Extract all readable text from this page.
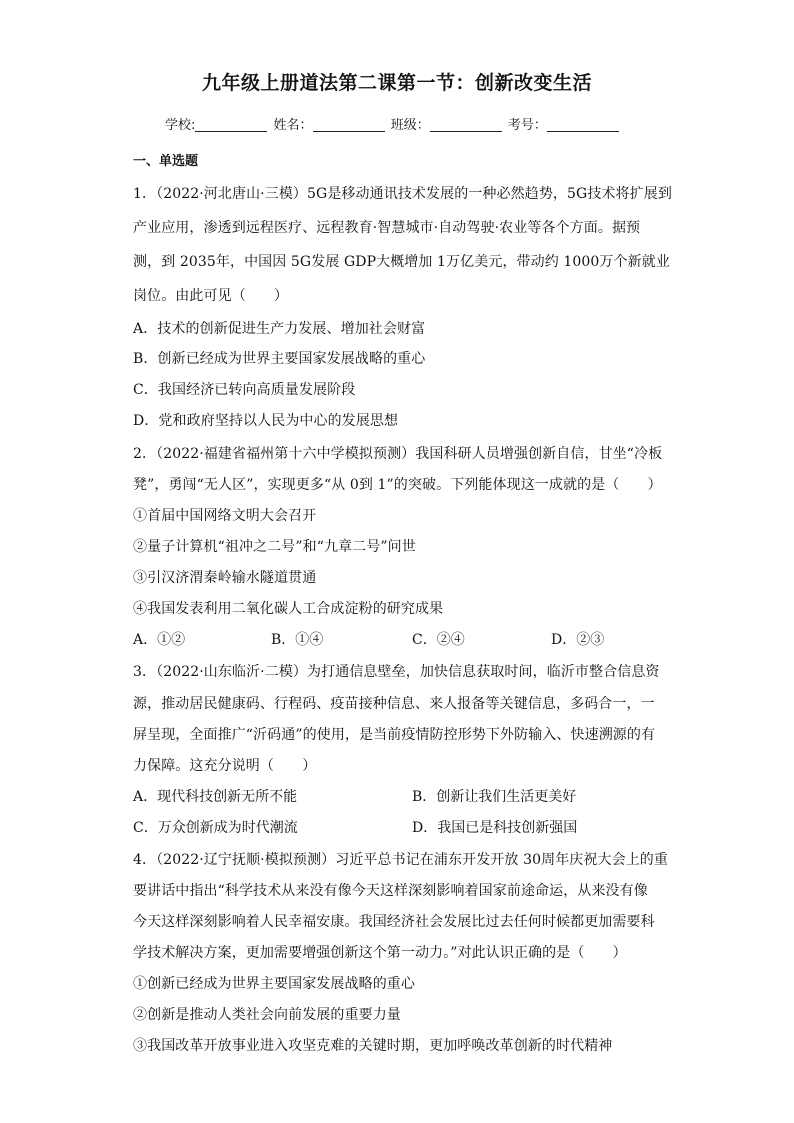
九年级上册道法第二课第一节：创新改变生活
学校:	姓名：	班级：	考号：
一、单选题
1．（2022·河北唐山·三模）5G是移动通讯技术发展的一种必然趋势，5G技术将扩展到
产业应用，渗透到远程医疗、远程教育·智慧城市·自动驾驶·农业等各个方面。据预
测，到 2035年，中国因 5G发展 GDP大概增加 1万亿美元，带动约 1000万个新就业
岗位。由此可见（　　）
A．技术的创新促进生产力发展、增加社会财富
B．创新已经成为世界主要国家发展战略的重心
C．我国经济已转向高质量发展阶段
D．党和政府坚持以人民为中心的发展思想
2．（2022·福建省福州第十六中学模拟预测）我国科研人员增强创新自信，甘坐“冷板
凳”，勇闯“无人区”，实现更多“从 0到 1”的突破。下列能体现这一成就的是（　　）
①首届中国网络文明大会召开
②量子计算机“祖冲之二号”和“九章二号”问世
③引汉济渭秦岭输水隧道贯通
④我国发表利用二氧化碳人工合成淀粉的研究成果
A．①②	B．①④	C．②④	D．②③
3．（2022·山东临沂·二模）为打通信息壁垒，加快信息获取时间，临沂市整合信息资
源，推动居民健康码、行程码、疫苗接种信息、来人报备等关键信息，多码合一，一
屏呈现，全面推广“沂码通”的使用，是当前疫情防控形势下外防输入、快速溯源的有
力保障。这充分说明（　　）
A．现代科技创新无所不能	B．创新让我们生活更美好
C．万众创新成为时代潮流	D．我国已是科技创新强国
4．（2022·辽宁抚顺·模拟预测）习近平总书记在浦东开发开放 30周年庆祝大会上的重
要讲话中指出“科学技术从来没有像今天这样深刻影响着国家前途命运，从来没有像
今天这样深刻影响着人民幸福安康。我国经济社会发展比过去任何时候都更加需要科
学技术解决方案，更加需要增强创新这个第一动力。”对此认识正确的是（　　）
①创新已经成为世界主要国家发展战略的重心
②创新是推动人类社会向前发展的重要力量
③我国改革开放事业进入攻坚克难的关键时期，更加呼唤改革创新的时代精神
